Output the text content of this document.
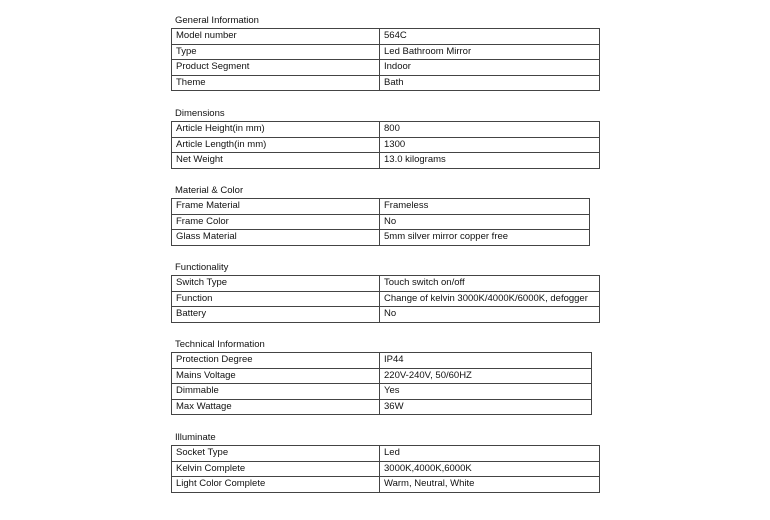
General Information
Model number	564C
Type	Led Bathroom Mirror
Product Segment	Indoor
Theme	Bath
Dimensions
Article Height(in mm)	800
Article Length(in mm)	1300
Net Weight	13.0 kilograms
Material & Color
Frame Material	Frameless
Frame Color	No
Glass Material	5mm silver mirror copper free
Functionality
Switch Type	Touch switch on/off
Function	Change of kelvin 3000K/4000K/6000K, defogger
Battery	No
Technical Information
Protection Degree	IP44
Mains Voltage	220V-240V, 50/60HZ
Dimmable	Yes
Max Wattage	36W
Illuminate
Socket Type	Led
Kelvin Complete	3000K,4000K,6000K
Light Color Complete	Warm, Neutral, White
